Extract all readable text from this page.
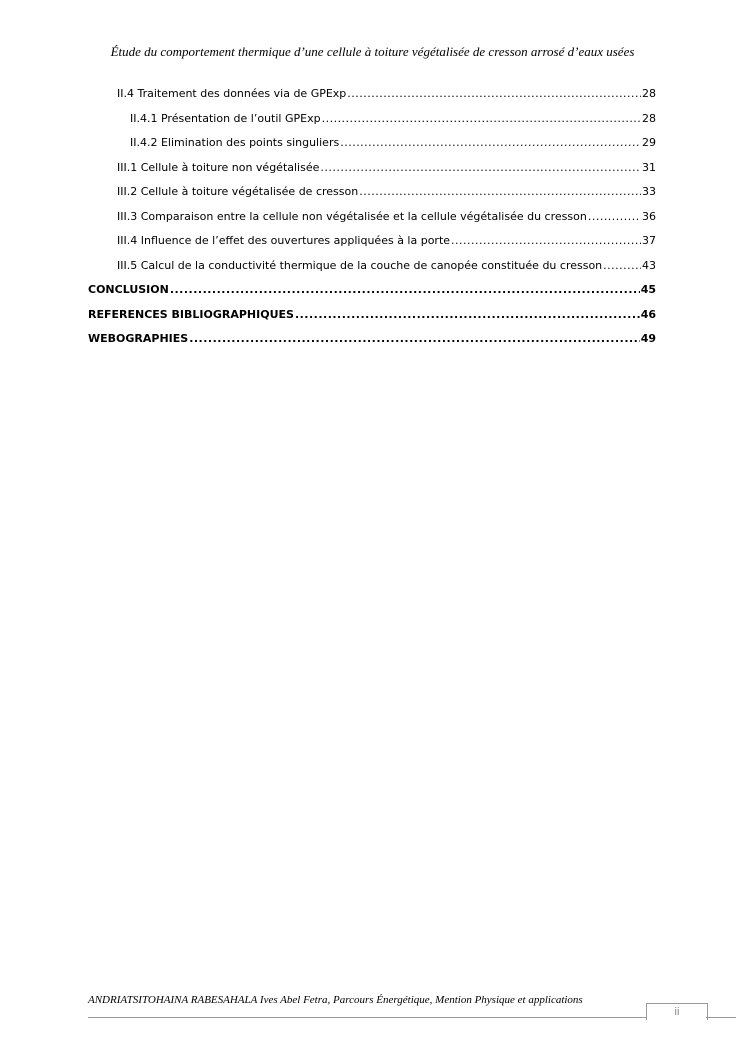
Étude du comportement thermique d’une cellule à toiture végétalisée de cresson arrosé d’eaux usées
II.4 Traitement des données via de GPExp .....	28
II.4.1 Présentation de l’outil GPExp .....	28
II.4.2 Elimination des points singuliers .....	29
III.1 Cellule à toiture non végétalisée .....	31
III.2 Cellule à toiture végétalisée de cresson .....	33
III.3 Comparaison entre la cellule non végétalisée et la cellule végétalisée du cresson .....	36
III.4 Influence de l’effet des ouvertures appliquées à la porte .....	37
III.5 Calcul de la conductivité thermique de la couche de canopée constituée du cresson .....	43
CONCLUSION .....	45
REFERENCES BIBLIOGRAPHIQUES .....	46
WEBOGRAPHIES .....	49
ANDRIATSITOHAINA RABESAHALA Ives Abel Fetra, Parcours Énergétique, Mention Physique et applications
ii
